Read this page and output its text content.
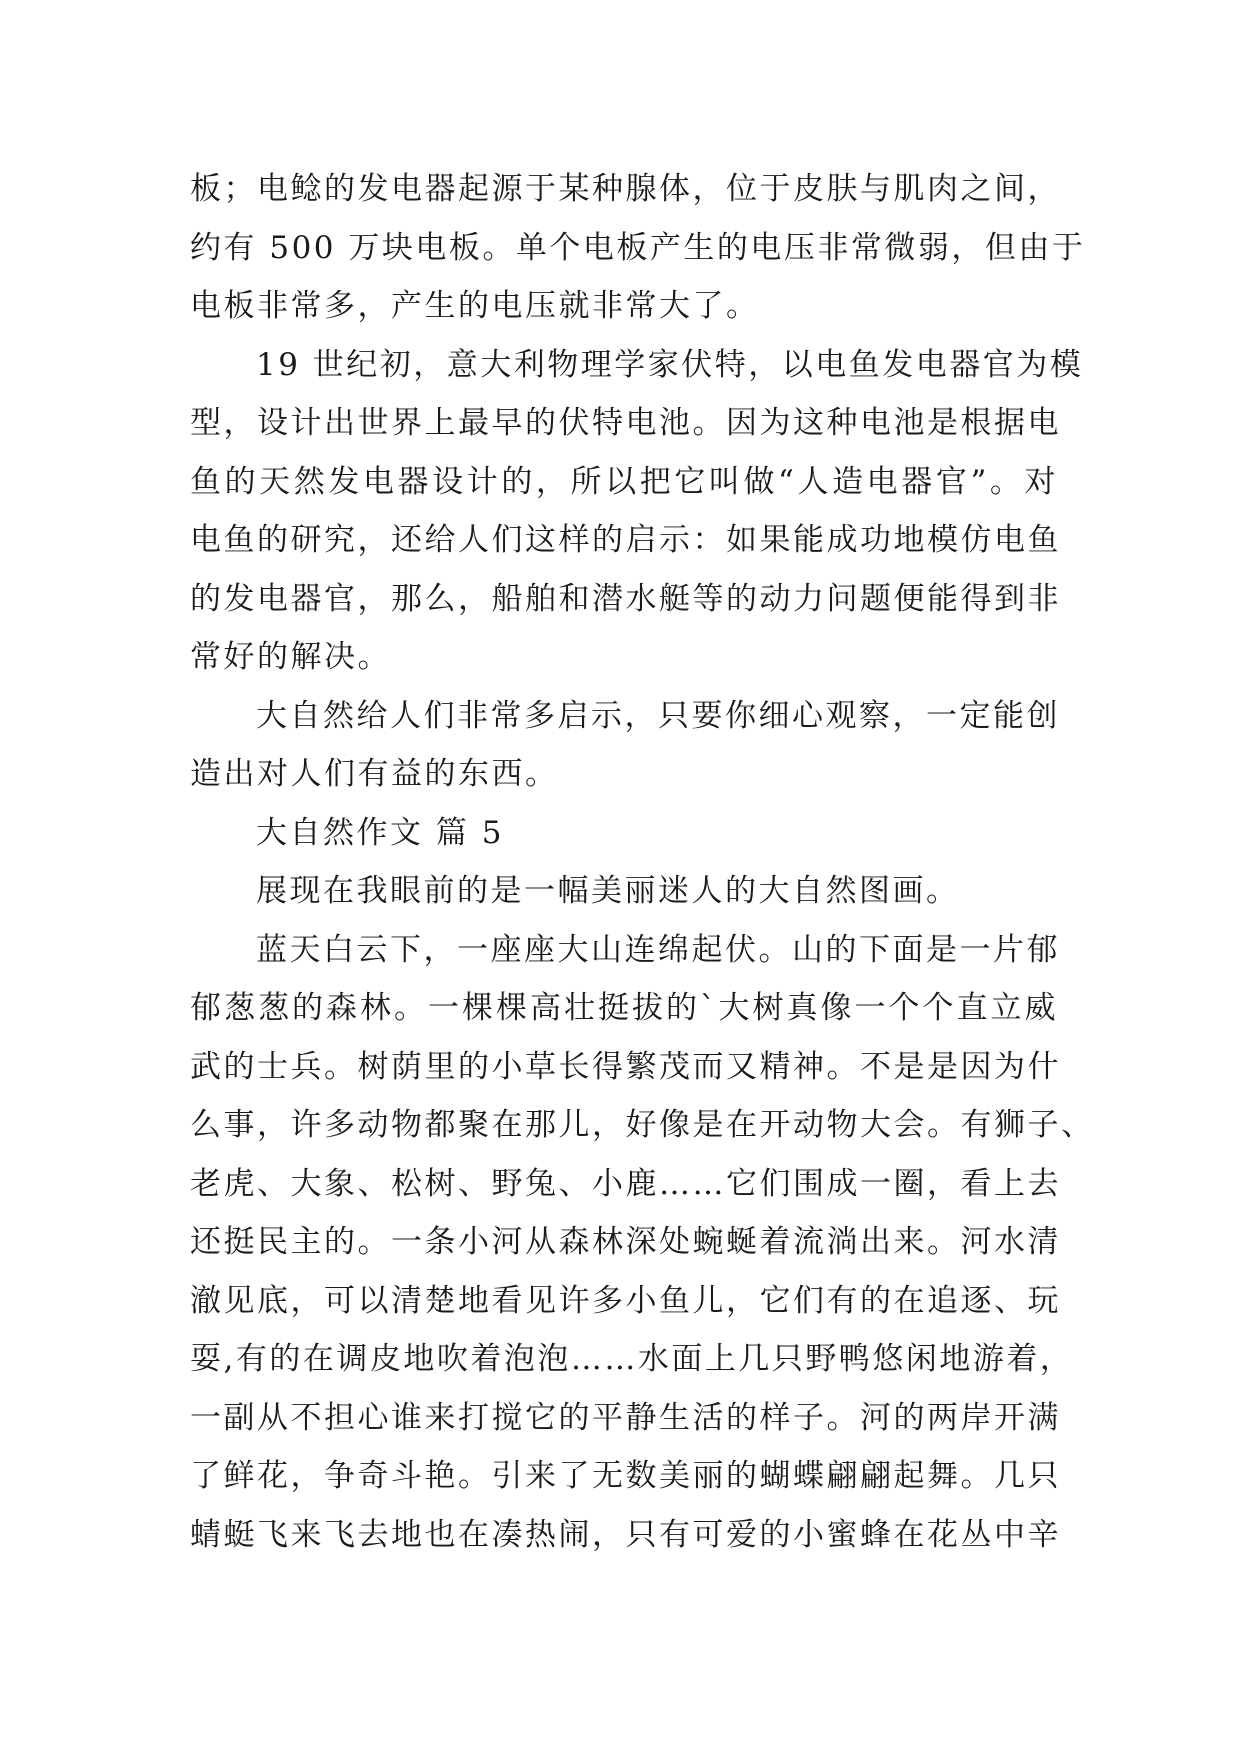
板；电鲶的发电器起源于某种腺体，位于皮肤与肌肉之间，
约有 500 万块电板。单个电板产生的电压非常微弱，但由于
电板非常多，产生的电压就非常大了。
19 世纪初，意大利物理学家伏特，以电鱼发电器官为模
型，设计出世界上最早的伏特电池。因为这种电池是根据电
鱼的天然发电器设计的，所以把它叫做“人造电器官”。对
电鱼的研究，还给人们这样的启示：如果能成功地模仿电鱼
的发电器官，那么，船舶和潜水艇等的动力问题便能得到非
常好的解决。
大自然给人们非常多启示，只要你细心观察，一定能创
造出对人们有益的东西。
大自然作文 篇 5
展现在我眼前的是一幅美丽迷人的大自然图画。
蓝天白云下，一座座大山连绵起伏。山的下面是一片郁
郁葱葱的森林。一棵棵高壮挺拔的`大树真像一个个直立威
武的士兵。树荫里的小草长得繁茂而又精神。不是是因为什
么事，许多动物都聚在那儿，好像是在开动物大会。有狮子、
老虎、大象、松树、野兔、小鹿……它们围成一圈，看上去
还挺民主的。一条小河从森林深处蜿蜒着流淌出来。河水清
澈见底，可以清楚地看见许多小鱼儿，它们有的在追逐、玩
耍,有的在调皮地吹着泡泡……水面上几只野鸭悠闲地游着，
一副从不担心谁来打搅它的平静生活的样子。河的两岸开满
了鲜花，争奇斗艳。引来了无数美丽的蝴蝶翩翩起舞。几只
蜻蜓飞来飞去地也在凑热闹，只有可爱的小蜜蜂在花丛中辛
